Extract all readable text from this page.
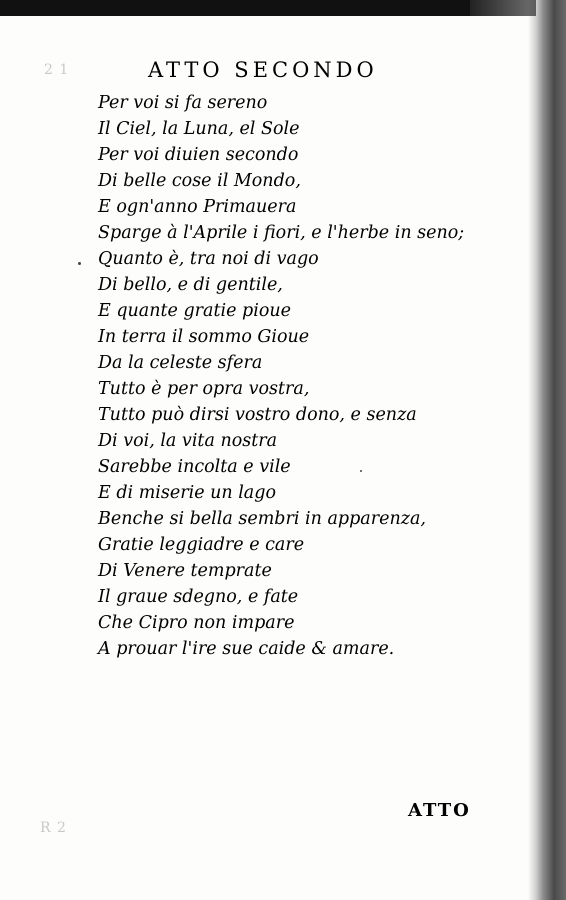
2 1
R 2
ATTO SECONDO
Per voi si fa sereno
Il Ciel, la Luna, el Sole
Per voi diuien secondo
Di belle cose il Mondo,
E ogn'anno Primauera
Sparge à l'Aprile i fiori, e l'herbe in seno;
Quanto è, tra noi di vago
Di bello, e di gentile,
E quante gratie pioue
In terra il sommo Gioue
Da la celeste sfera
Tutto è per opra vostra,
Tutto può dirsi vostro dono, e senza
Di voi, la vita nostra
Sarebbe incolta e vile
E di miserie un lago
Benche si bella sembri in apparenza,
Gratie leggiadre e care
Di Venere temprate
Il graue sdegno, e fate
Che Cipro non impare
A prouar l'ire sue caide & amare.
ATTO
